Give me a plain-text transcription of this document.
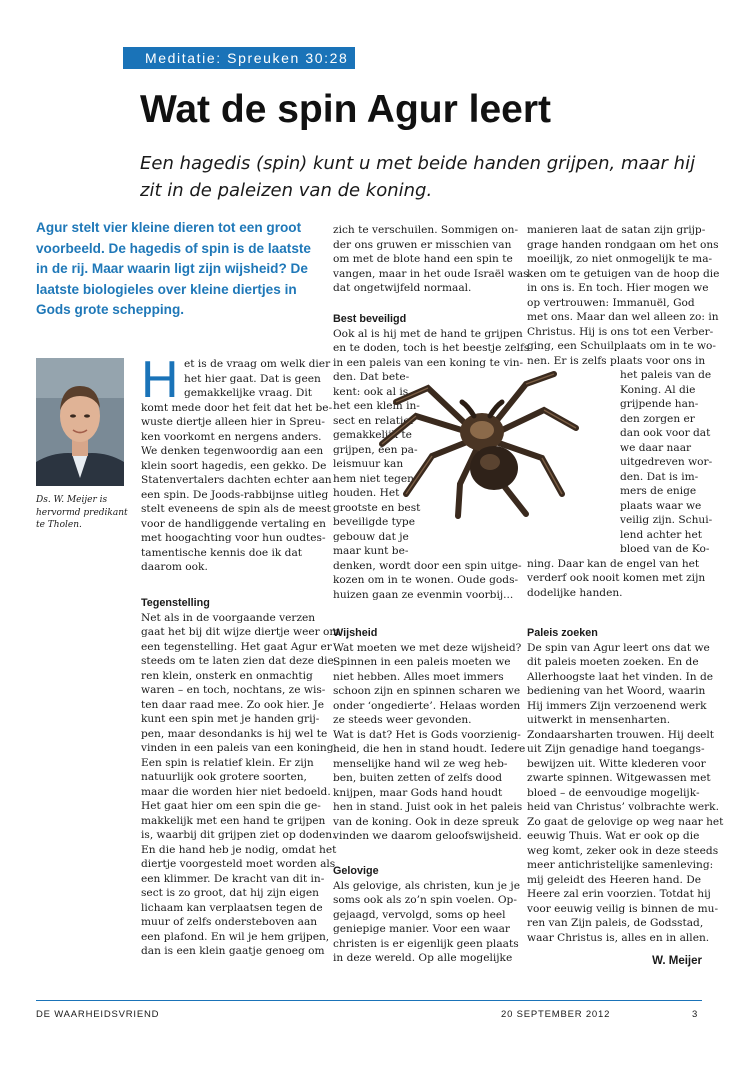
Meditatie: Spreuken 30:28
Wat de spin Agur leert
Een hagedis (spin) kunt u met beide handen grijpen, maar hij zit in de paleizen van de koning.
Agur stelt vier kleine dieren tot een groot voorbeeld. De hagedis of spin is de laatste in de rij. Maar waarin ligt zijn wijsheid? De laatste biologieles over kleine diertjes in Gods grote schepping.
Ds. W. Meijer is hervormd predikant te Tholen.
H et is de vraag om welk dier

het hier gaat. Dat is geen

gemakkelijke vraag. Dit

komt mede door het feit dat het be-

wuste diertje alleen hier in Spreu-

ken voorkomt en nergens anders.

We denken tegenwoordig aan een

klein soort hagedis, een gekko. De

Statenvertalers dachten echter aan

een spin. De Joods-rabbijnse uitleg

stelt eveneens de spin als de meest

voor de handliggende vertaling en

met hoogachting voor hun oudtes-

tamentische kennis doe ik dat

daarom ook.

Tegenstelling

Net als in de voorgaande verzen

gaat het bij dit wijze diertje weer om

een tegenstelling. Het gaat Agur er

steeds om te laten zien dat deze die-

ren klein, onsterk en onmachtig

waren – en toch, nochtans, ze wis-

ten daar raad mee. Zo ook hier. Je

kunt een spin met je handen grij-

pen, maar desondanks is hij wel te

vinden in een paleis van een koning.

Een spin is relatief klein. Er zijn

natuurlijk ook grotere soorten,

maar die worden hier niet bedoeld.

Het gaat hier om een spin die ge-

makkelijk met een hand te grijpen

is, waarbij dit grijpen ziet op doden.

En die hand heb je nodig, omdat het

diertje voorgesteld moet worden als

een klimmer. De kracht van dit in-

sect is zo groot, dat hij zijn eigen

lichaam kan verplaatsen tegen de

muur of zelfs ondersteboven aan

een plafond. En wil je hem grijpen,

dan is een klein gaatje genoeg om

zich te verschuilen. Sommigen on-

der ons gruwen er misschien van

om met de blote hand een spin te

vangen, maar in het oude Israël was

dat ongetwijfeld normaal.

Best beveiligd

Ook al is hij met de hand te grijpen

en te doden, toch is het beestje zelfs

in een paleis van een koning te vin-

den. Dat bete-

kent: ook al is

het een klein in-

sect en relatief

gemakkelijk te

grijpen, een pa-

leismuur kan

hem niet tegen-

houden. Het

grootste en best

beveiligde type

gebouw dat je

maar kunt be-

denken, wordt door een spin uitge-

kozen om in te wonen. Oude gods-

huizen gaan ze evenmin voorbij...

Wijsheid

Wat moeten we met deze wijsheid?

Spinnen in een paleis moeten we

niet hebben. Alles moet immers

schoon zijn en spinnen scharen we

onder ‘ongedierte’. Helaas worden

ze steeds weer gevonden.

Wat is dat? Het is Gods voorzienig-

heid, die hen in stand houdt. Iedere

menselijke hand wil ze weg heb-

ben, buiten zetten of zelfs dood

knijpen, maar Gods hand houdt

hen in stand. Juist ook in het paleis

van de koning. Ook in deze spreuk

vinden we daarom geloofswijsheid.

Gelovige

Als gelovige, als christen, kun je je

soms ook als zo’n spin voelen. Op-

gejaagd, vervolgd, soms op heel

geniepige manier. Voor een waar

christen is er eigenlijk geen plaats

in deze wereld. Op alle mogelijke

manieren laat de satan zijn grijp-

grage handen rondgaan om het ons

moeilijk, zo niet onmogelijk te ma-

ken om te getuigen van de hoop die

in ons is. En toch. Hier mogen we

op vertrouwen: Immanuël, God

met ons. Maar dan wel alleen zo: in

Christus. Hij is ons tot een Verber-

ging, een Schuilplaats om in te wo-

nen. Er is zelfs plaats voor ons in

het paleis van de

Koning. Al die

grijpende han-

den zorgen er

dan ook voor dat

we daar naar

uitgedreven wor-

den. Dat is im-

mers de enige

plaats waar we

veilig zijn. Schui-

lend achter het

bloed van de Ko-

ning. Daar kan de engel van het

verderf ook nooit komen met zijn

dodelijke handen.

Paleis zoeken

De spin van Agur leert ons dat we

dit paleis moeten zoeken. En de

Allerhoogste laat het vinden. In de

bediening van het Woord, waarin

Hij immers Zijn verzoenend werk

uitwerkt in mensenharten.

Zondaarsharten trouwen. Hij deelt

uit Zijn genadige hand toegangs-

bewijzen uit. Witte klederen voor

zwarte spinnen. Witgewassen met

bloed – de eenvoudige mogelijk-

heid van Christus’ volbrachte werk.

Zo gaat de gelovige op weg naar het

eeuwig Thuis. Wat er ook op die

weg komt, zeker ook in deze steeds

meer antichristelijke samenleving:

mij geleidt des Heeren hand. De

Heere zal erin voorzien. Totdat hij

voor eeuwig veilig is binnen de mu-

ren van Zijn paleis, de Godsstad,

waar Christus is, alles en in allen.

W. Meijer
DE WAARHEIDSVRIEND	20 SEPTEMBER 2012	3
